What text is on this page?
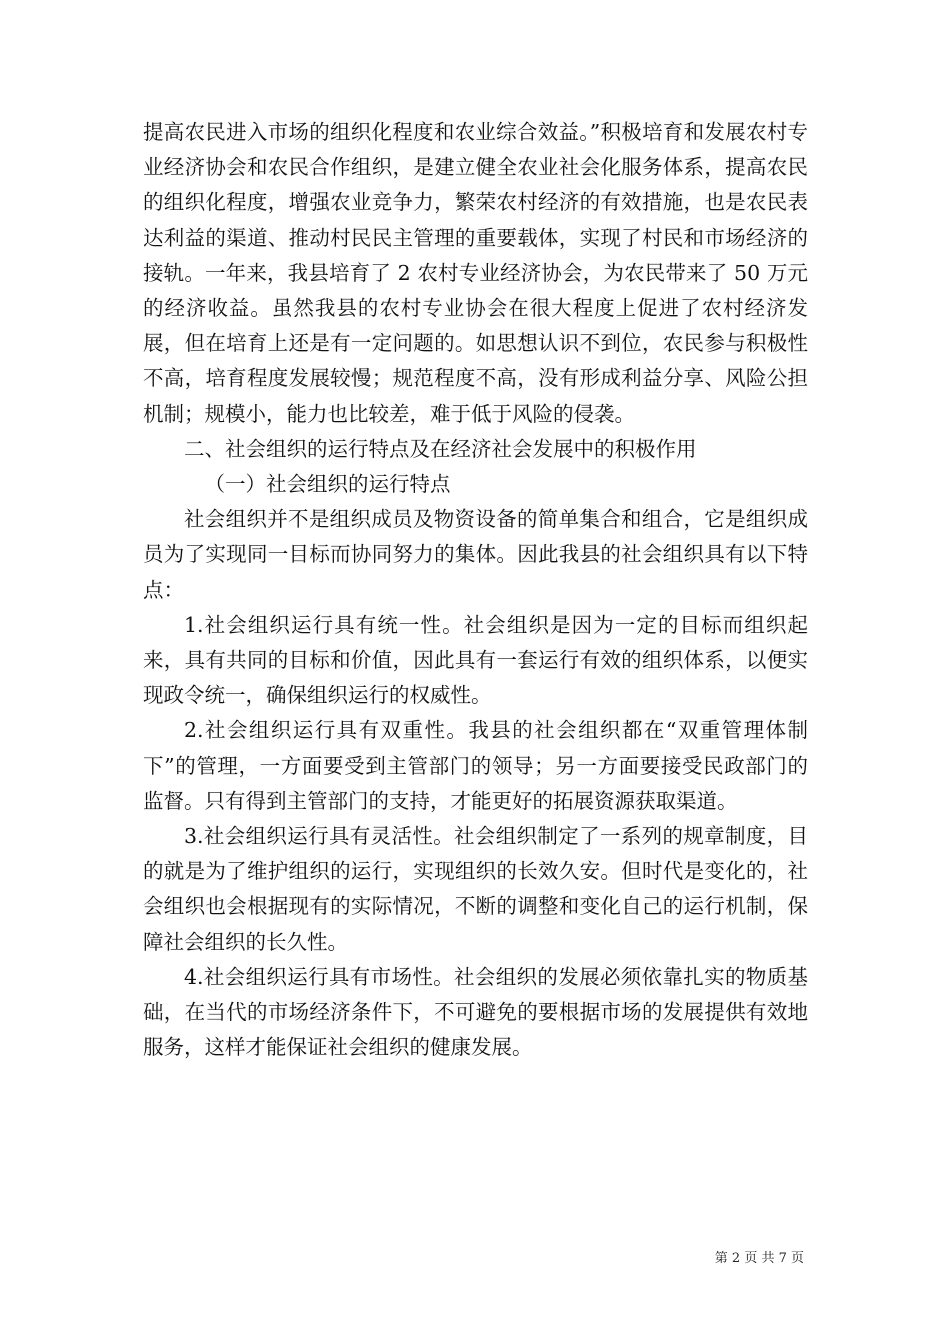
提高农民进入市场的组织化程度和农业综合效益。”积极培育和发展农村专业经济协会和农民合作组织，是建立健全农业社会化服务体系，提高农民的组织化程度，增强农业竞争力，繁荣农村经济的有效措施，也是农民表达利益的渠道、推动村民民主管理的重要载体，实现了村民和市场经济的接轨。一年来，我县培育了 2 农村专业经济协会，为农民带来了 50 万元的经济收益。虽然我县的农村专业协会在很大程度上促进了农村经济发展，但在培育上还是有一定问题的。如思想认识不到位，农民参与积极性不高，培育程度发展较慢；规范程度不高，没有形成利益分享、风险公担机制；规模小，能力也比较差，难于低于风险的侵袭。

二、社会组织的运行特点及在经济社会发展中的积极作用

（一）社会组织的运行特点

社会组织并不是组织成员及物资设备的简单集合和组合，它是组织成员为了实现同一目标而协同努力的集体。因此我县的社会组织具有以下特点：

1.社会组织运行具有统一性。社会组织是因为一定的目标而组织起来，具有共同的目标和价值，因此具有一套运行有效的组织体系，以便实现政令统一，确保组织运行的权威性。

2.社会组织运行具有双重性。我县的社会组织都在“双重管理体制下”的管理，一方面要受到主管部门的领导；另一方面要接受民政部门的监督。只有得到主管部门的支持，才能更好的拓展资源获取渠道。

3.社会组织运行具有灵活性。社会组织制定了一系列的规章制度，目的就是为了维护组织的运行，实现组织的长效久安。但时代是变化的，社会组织也会根据现有的实际情况，不断的调整和变化自己的运行机制，保障社会组织的长久性。

4.社会组织运行具有市场性。社会组织的发展必须依靠扎实的物质基础，在当代的市场经济条件下，不可避免的要根据市场的发展提供有效地服务，这样才能保证社会组织的健康发展。

第 2 页 共 7 页
